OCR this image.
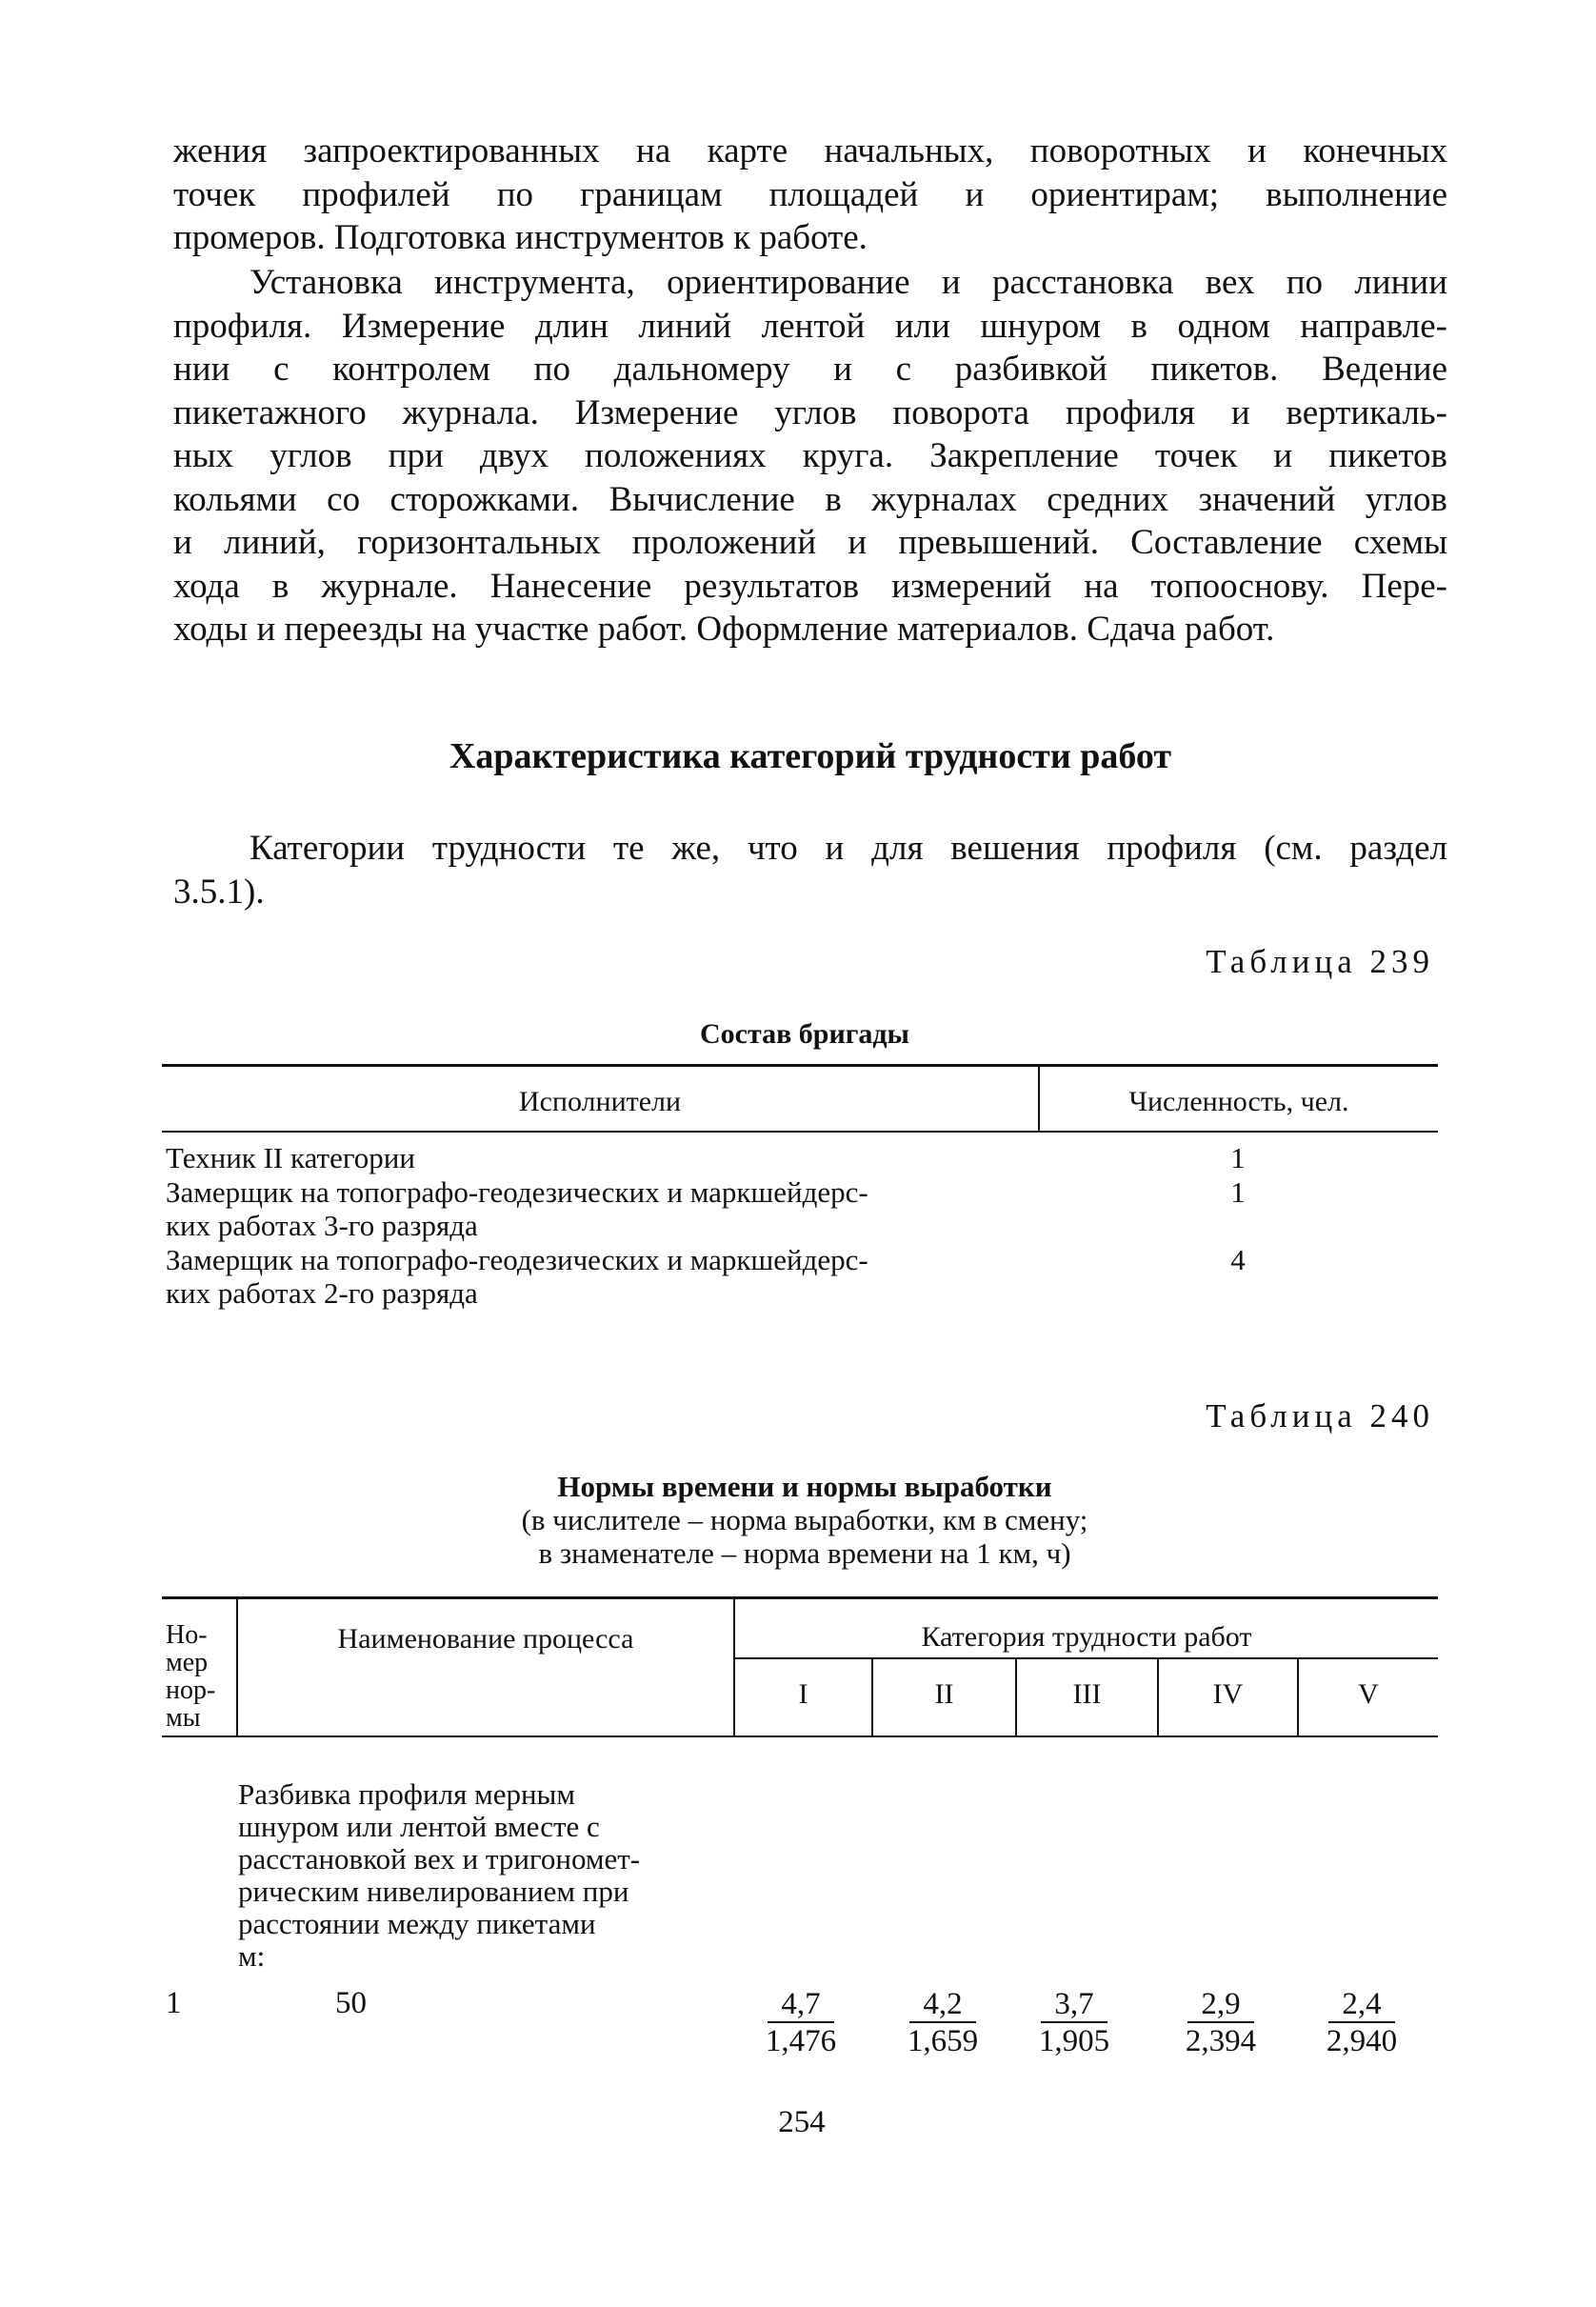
жения запроектированных на карте начальных, поворотных и конечных
точек профилей по границам площадей и ориентирам; выполнение
промеров. Подготовка инструментов к работе.
Установка инструмента, ориентирование и расстановка вех по линии
профиля. Измерение длин линий лентой или шнуром в одном направле-
нии с контролем по дальномеру и с разбивкой пикетов. Ведение
пикетажного журнала. Измерение углов поворота профиля и вертикаль-
ных углов при двух положениях круга. Закрепление точек и пикетов
кольями со сторожками. Вычисление в журналах средних значений углов
и линий, горизонтальных проложений и превышений. Составление схемы
хода в журнале. Нанесение результатов измерений на топооснову. Пере-
ходы и переезды на участке работ. Оформление материалов. Сдача работ.
Характеристика категорий трудности работ
Категории трудности те же, что и для вешения профиля (см. раздел
3.5.1).
Таблица 239
Состав бригады
Исполнители	Численность, чел.
Техник II категории	1
Замерщик на топографо-геодезических и маркшейдерс-
ких работах 3-го разряда
1
Замерщик на топографо-геодезических и маркшейдерс-
ких работах 2-го разряда
4
Таблица 240
Нормы времени и нормы выработки
(в числителе – норма выработки, км в смену;
в знаменателе – норма времени на 1 км, ч)
Но-
мер
нор-
мы
Наименование процесса	Категория трудности работ
I	II	III	IV	V
Разбивка профиля мерным
шнуром или лентой вместе с
расстановкой вех и тригономет-
рическим нивелированием при
расстоянии между пикетами
м:
1	50	$\frac{4,7}{1,476} \frac{4,2}{1,659} \frac{3,7}{1,905} \frac{2,9}{2,394} \frac{2,4}{2,940}$
254
